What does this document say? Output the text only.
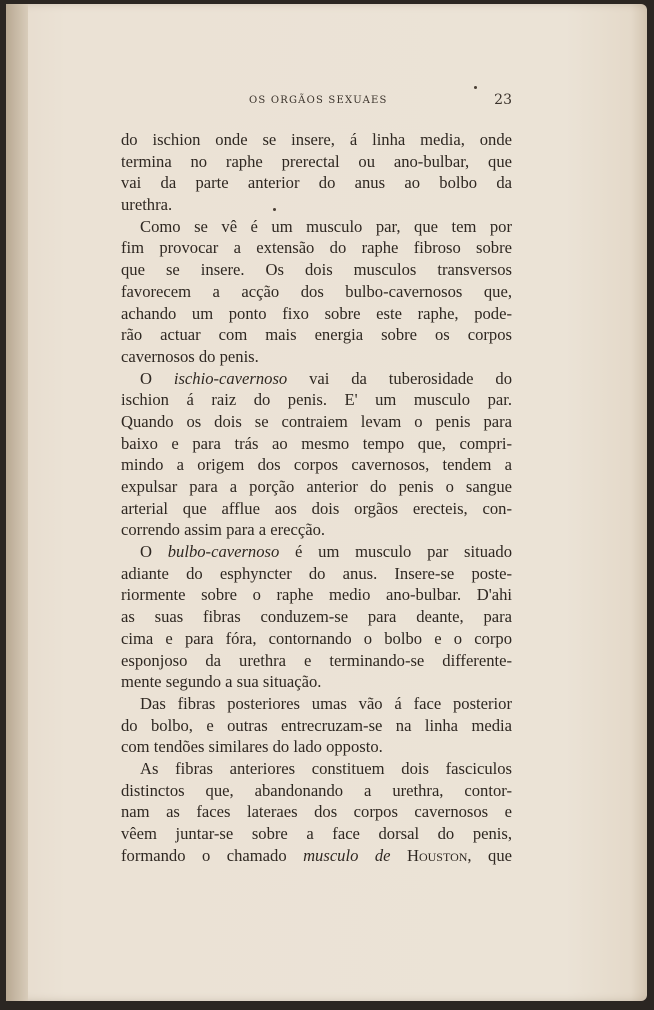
OS ORGÃOS SEXUAES	23
do ischion onde se insere, á linha media, onde
termina no raphe prerectal ou ano-bulbar, que
vai da parte anterior do anus ao bolbo da
urethra.
Como se vê é um musculo par, que tem por
fim provocar a extensão do raphe fibroso sobre
que se insere. Os dois musculos transversos
favorecem a acção dos bulbo-cavernosos que,
achando um ponto fixo sobre este raphe, pode-
rão actuar com mais energia sobre os corpos
cavernosos do penis.
O ischio-cavernoso vai da tuberosidade do
ischion á raiz do penis. E' um musculo par.
Quando os dois se contraiem levam o penis para
baixo e para trás ao mesmo tempo que, compri-
mindo a origem dos corpos cavernosos, tendem a
expulsar para a porção anterior do penis o sangue
arterial que afflue aos dois orgãos erecteis, con-
correndo assim para a erecção.
O bulbo-cavernoso é um musculo par situado
adiante do esphyncter do anus. Insere-se poste-
riormente sobre o raphe medio ano-bulbar. D'ahi
as suas fibras conduzem-se para deante, para
cima e para fóra, contornando o bolbo e o corpo
esponjoso da urethra e terminando-se differente-
mente segundo a sua situação.
Das fibras posteriores umas vão á face posterior
do bolbo, e outras entrecruzam-se na linha media
com tendões similares do lado opposto.
As fibras anteriores constituem dois fasciculos
distinctos que, abandonando a urethra, contor-
nam as faces lateraes dos corpos cavernosos e
vêem juntar-se sobre a face dorsal do penis,
formando o chamado musculo de Houston, que
